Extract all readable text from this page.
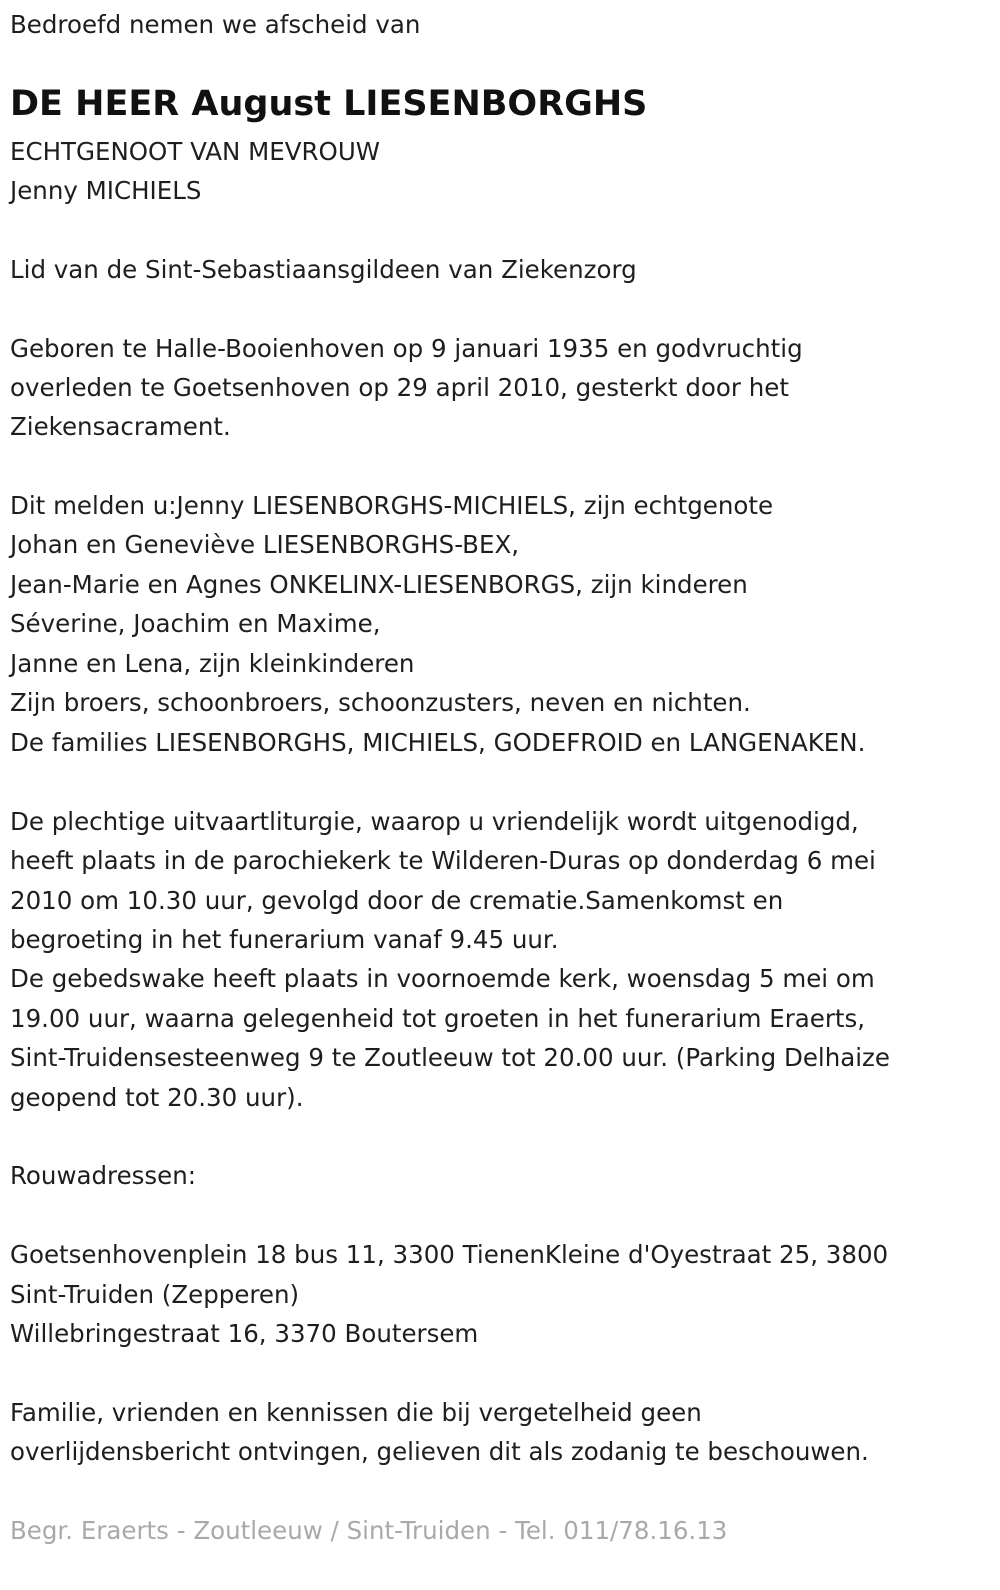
Bedroefd nemen we afscheid van
DE HEER August LIESENBORGHS
ECHTGENOOT VAN MEVROUW
Jenny MICHIELS
Lid van de Sint-Sebastiaansgildeen van Ziekenzorg
Geboren te Halle-Booienhoven op 9 januari 1935 en godvruchtig
overleden te Goetsenhoven op 29 april 2010, gesterkt door het
Ziekensacrament.
Dit melden u:Jenny LIESENBORGHS-MICHIELS, zijn echtgenote
Johan en Geneviève LIESENBORGHS-BEX,
Jean-Marie en Agnes ONKELINX-LIESENBORGS, zijn kinderen
Séverine, Joachim en Maxime,
Janne en Lena, zijn kleinkinderen
Zijn broers, schoonbroers, schoonzusters, neven en nichten.
De families LIESENBORGHS, MICHIELS, GODEFROID en LANGENAKEN.
De plechtige uitvaartliturgie, waarop u vriendelijk wordt uitgenodigd,
heeft plaats in de parochiekerk te Wilderen-Duras op donderdag 6 mei
2010 om 10.30 uur, gevolgd door de crematie.Samenkomst en
begroeting in het funerarium vanaf 9.45 uur.
De gebedswake heeft plaats in voornoemde kerk, woensdag 5 mei om
19.00 uur, waarna gelegenheid tot groeten in het funerarium Eraerts,
Sint-Truidensesteenweg 9 te Zoutleeuw tot 20.00 uur. (Parking Delhaize
geopend tot 20.30 uur).
Rouwadressen:
Goetsenhovenplein 18 bus 11, 3300 TienenKleine d'Oyestraat 25, 3800
Sint-Truiden (Zepperen)
Willebringestraat 16, 3370 Boutersem
Familie, vrienden en kennissen die bij vergetelheid geen
overlijdensbericht ontvingen, gelieven dit als zodanig te beschouwen.
Begr. Eraerts - Zoutleeuw / Sint-Truiden - Tel. 011/78.16.13
